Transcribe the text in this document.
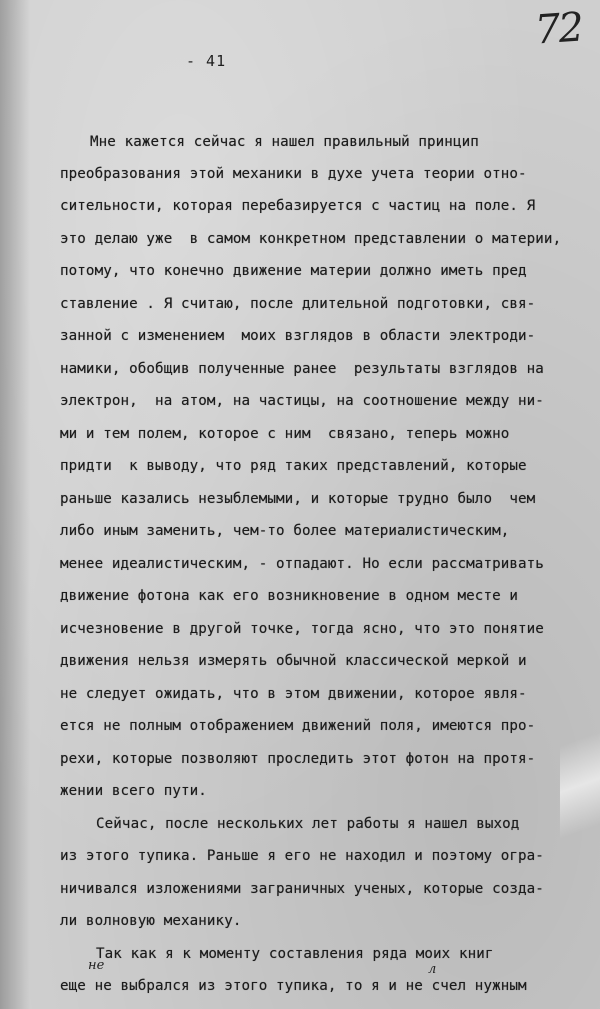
72
- 41
Мне кажется сейчас я нашел правильный принцип
преобразования этой механики в духе учета теории отно-
сительности, которая перебазируется с частиц на поле. Я
это делаю уже  в самом конкретном представлении о материи,
потому, что конечно движение материи должно иметь пред
ставление . Я считаю, после длительной подготовки, свя-
занной с изменением  моих взглядов в области электроди-
намики, обобщив полученные ранее  результаты взглядов на
электрон,  на атом, на частицы, на соотношение между ни-
ми и тем полем, которое с ним  связано, теперь можно
придти  к выводу, что ряд таких представлений, которые
раньше казались незыблемыми, и которые трудно было  чем
либо иным заменить, чем-то более материалистическим,
менее идеалистическим, - отпадают. Но если рассматривать
движение фотона как его возникновение в одном месте и
исчезновение в другой точке, тогда ясно, что это понятие
движения нельзя измерять обычной классической меркой и
не следует ожидать, что в этом движении, которое явля-
ется не полным отображением движений поля, имеются про-
рехи, которые позволяют проследить этот фотон на протя-
жении всего пути.
Сейчас, после нескольких лет работы я нашел выход
из этого тупика. Раньше я его не находил и поэтому огра-
ничивался изложениями заграничных ученых, которые созда-
ли волновую механику.
Так как я к моменту составления ряда моих книг
еще не выбрался из этого тупика, то я и не счел нужным
не	л
